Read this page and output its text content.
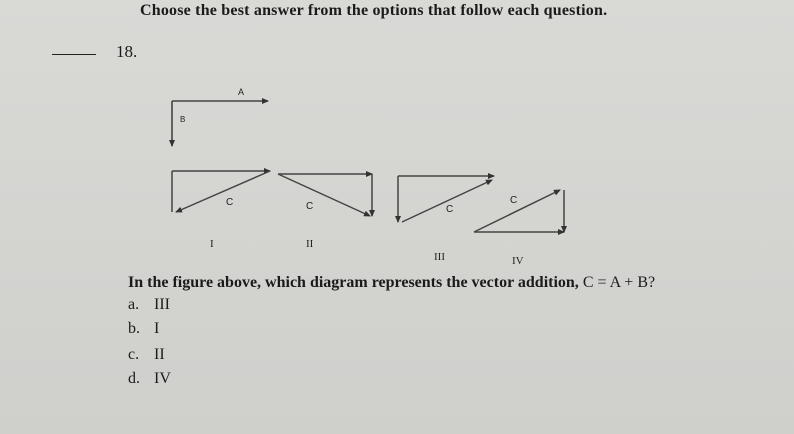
Choose the best answer from the options that follow each question.
18.
A
B
C
I
C
II
C
III
C
IV
In the figure above, which diagram represents the vector addition, C = A + B?
a. III
b. I
c. II
d. IV
